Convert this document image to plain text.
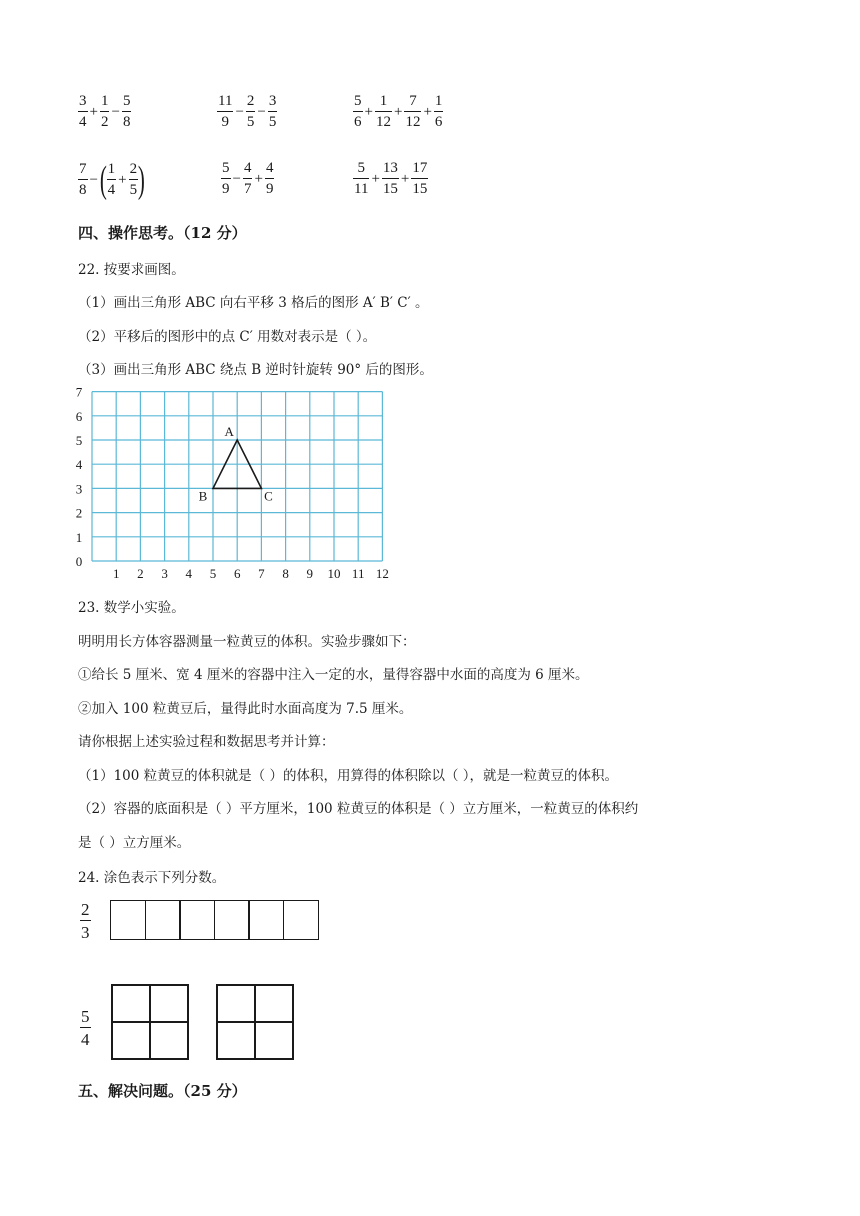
$\frac{3}{4} + \frac{1}{2} - \frac{5}{8}$	$\frac{11}{9} - \frac{2}{5} - \frac{3}{5}$	$\frac{5}{6} + \frac{1}{12} + \frac{7}{12} + \frac{1}{6}$
$\frac{7}{8}$ − ( $\frac{1}{4} + \frac{2}{5}$ )	$\frac{5}{9} - \frac{4}{7} + \frac{4}{9}$	$\frac{5}{11} + \frac{13}{15} + \frac{17}{15}$
四、操作思考。（12 分）
22. 按要求画图。
（1）画出三角形 ABC 向右平移 3 格后的图形 A′ B′ C′ 。
（2）平移后的图形中的点 C′ 用数对表示是（ ）。
（3）画出三角形 ABC 绕点 B 逆时针旋转 90° 后的图形。
0
1 2 3 4 5 6 7 8 9 10 11 12
1
2
3
4
5
6
7
A
B	C
23. 数学小实验。
明明用长方体容器测量一粒黄豆的体积。实验步骤如下：
①给长 5 厘米、宽 4 厘米的容器中注入一定的水，量得容器中水面的高度为 6 厘米。
②加入 100 粒黄豆后，量得此时水面高度为 7.5 厘米。
请你根据上述实验过程和数据思考并计算：
（1）100 粒黄豆的体积就是（ ）的体积，用算得的体积除以（ ），就是一粒黄豆的体积。
（2）容器的底面积是（ ）平方厘米，100 粒黄豆的体积是（ ）立方厘米，一粒黄豆的体积约
是（ ）立方厘米。
24. 涂色表示下列分数。
2
3
5
4
五、解决问题。（25 分）
